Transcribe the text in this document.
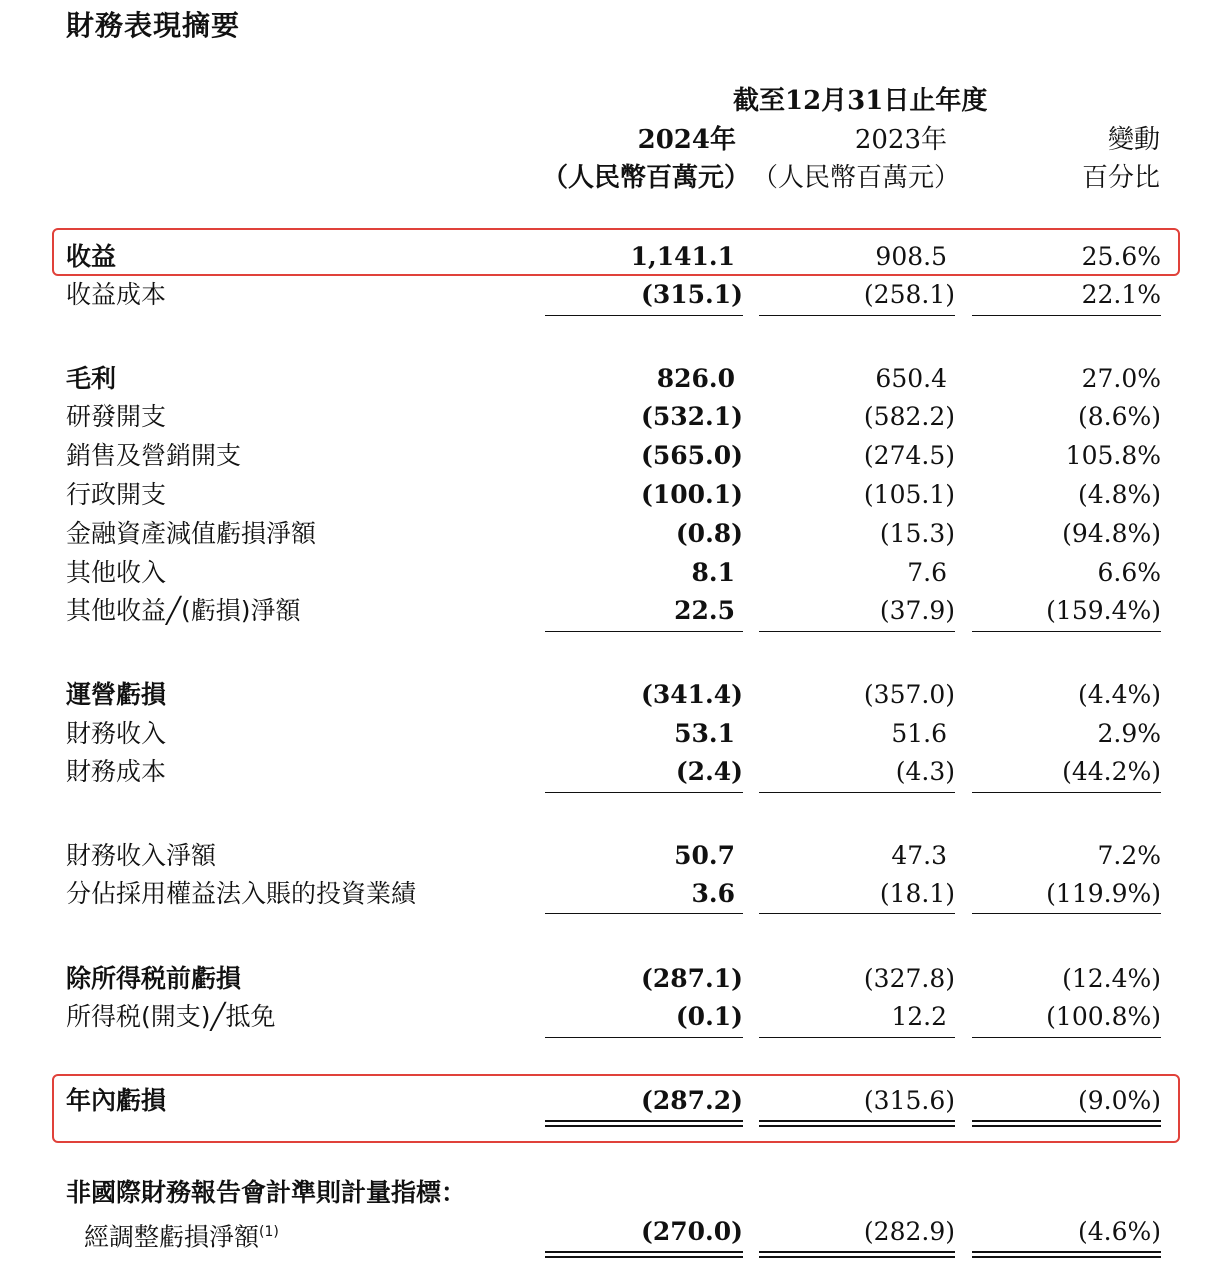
財務表現摘要
截至12月31日止年度
2024年
（人民幣百萬元）
2023年
（人民幣百萬元）
變動
百分比
收益	1,141.1	908.5	25.6%
收益成本	(315.1)	(258.1)	22.1%
毛利	826.0	650.4	27.0%
研發開支	(532.1)	(582.2)	(8.6%)
銷售及營銷開支	(565.0)	(274.5)	105.8%
行政開支	(100.1)	(105.1)	(4.8%)
金融資產減值虧損淨額	(0.8)	(15.3)	(94.8%)
其他收入	8.1	7.6	6.6%
其他收益╱(虧損)淨額	22.5	(37.9)	(159.4%)
運營虧損	(341.4)	(357.0)	(4.4%)
財務收入	53.1	51.6	2.9%
財務成本	(2.4)	(4.3)	(44.2%)
財務收入淨額	50.7	47.3	7.2%
分佔採用權益法入賬的投資業績	3.6	(18.1)	(119.9%)
除所得税前虧損	(287.1)	(327.8)	(12.4%)
所得税(開支)╱抵免	(0.1)	12.2	(100.8%)
年內虧損	(287.2)	(315.6)	(9.0%)
非國際財務報告會計準則計量指標：
經調整虧損淨額$^{(1)}$	(270.0)	(282.9)	(4.6%)
